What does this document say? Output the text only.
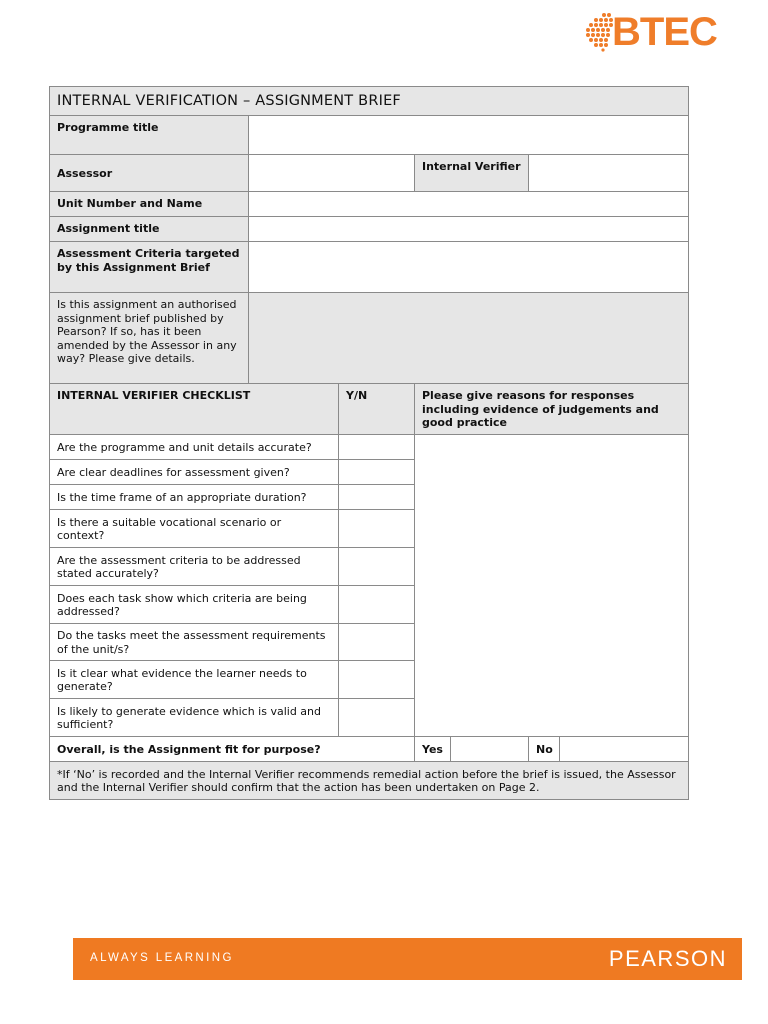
BTEC
INTERNAL VERIFICATION – ASSIGNMENT BRIEF						
Programme title						
Assessor			Internal Verifier			
Unit Number and Name						
Assignment title						
Assessment Criteria targeted by this Assignment Brief						
Is this assignment an authorised assignment brief published by Pearson? If so, has it been amended by the Assessor in any way? Please give details.						
INTERNAL VERIFIER CHECKLIST		Y/N	Please give reasons for responses including evidence of judgements and good practice			
Are the programme and unit details accurate?						
Are clear deadlines for assessment given?						
Is the time frame of an appropriate duration?						
Is there a suitable vocational scenario or context?						
Are the assessment criteria to be addressed stated accurately?						
Does each task show which criteria are being addressed?						
Do the tasks meet the assessment requirements of the unit/s?						
Is it clear what evidence the learner needs to generate?						
Is likely to generate evidence which is valid and sufficient?						
Overall, is the Assignment fit for purpose?			Yes		No	
*If ‘No’ is recorded and the Internal Verifier recommends remedial action before the brief is issued, the Assessor and the Internal Verifier should confirm that the action has been undertaken on Page 2.						
ALWAYS LEARNING	PEARSON
